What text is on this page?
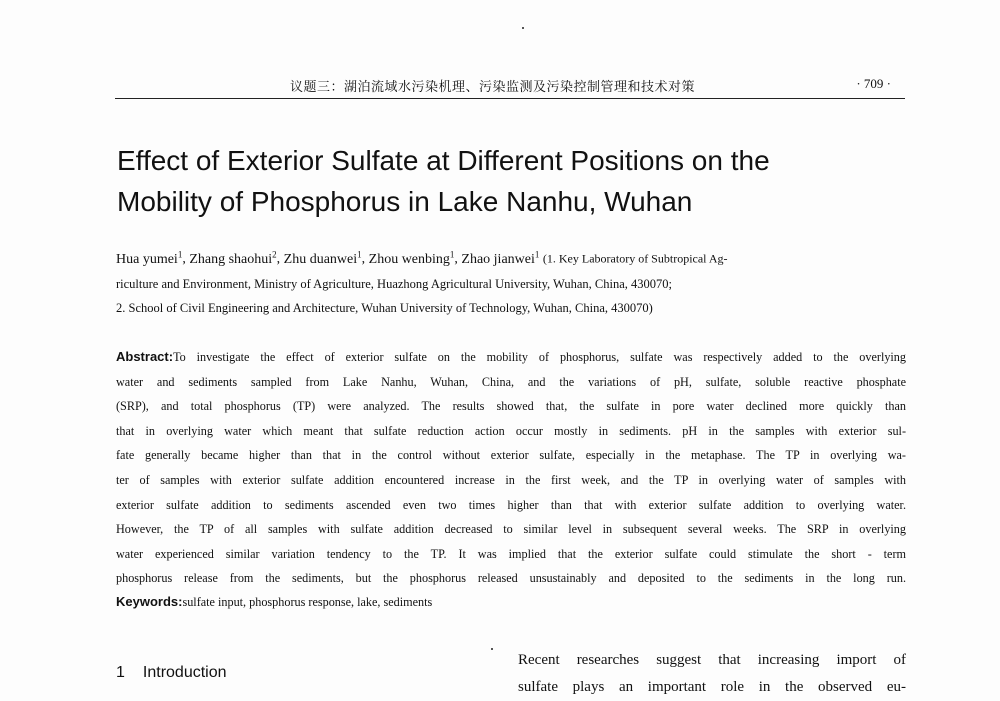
议题三：湖泊流域水污染机理、污染监测及污染控制管理和技术对策	· 709 ·
Effect of Exterior Sulfate at Different Positions on the
Mobility of Phosphorus in Lake Nanhu, Wuhan
Hua yumei$^1$, Zhang shaohui$^2$, Zhu duanwei$^1$, Zhou wenbing$^1$, Zhao jianwei$^1$ (1. Key Laboratory of Subtropical Ag-
riculture and Environment, Ministry of Agriculture, Huazhong Agricultural University, Wuhan, China, 430070;
2. School of Civil Engineering and Architecture, Wuhan University of Technology, Wuhan, China, 430070)
Abstract:To investigate the effect of exterior sulfate on the mobility of phosphorus, sulfate was respectively added to the overlying
water and sediments sampled from Lake Nanhu, Wuhan, China, and the variations of pH, sulfate, soluble reactive phosphate
(SRP), and total phosphorus (TP) were analyzed. The results showed that, the sulfate in pore water declined more quickly than
that in overlying water which meant that sulfate reduction action occur mostly in sediments. pH in the samples with exterior sul-
fate generally became higher than that in the control without exterior sulfate, especially in the metaphase. The TP in overlying wa-
ter of samples with exterior sulfate addition encountered increase in the first week, and the TP in overlying water of samples with
exterior sulfate addition to sediments ascended even two times higher than that with exterior sulfate addition to overlying water.
However, the TP of all samples with sulfate addition decreased to similar level in subsequent several weeks. The SRP in overlying
water experienced similar variation tendency to the TP. It was implied that the exterior sulfate could stimulate the short - term
phosphorus release from the sediments, but the phosphorus released unsustainably and deposited to the sediments in the long run.
Keywords:sulfate input, phosphorus response, lake, sediments
1 Introduction
Recent researches suggest that increasing import of
sulfate plays an important role in the observed eu-
